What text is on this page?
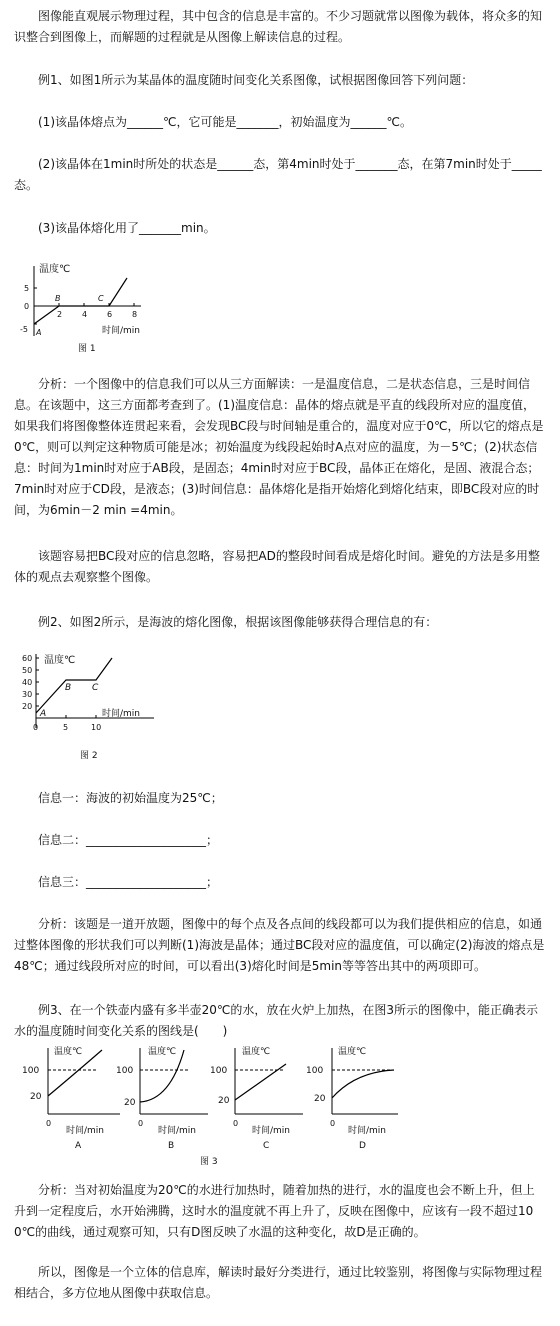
图像能直观展示物理过程，其中包含的信息是丰富的。不少习题就常以图像为载体，将众多的知识整合到图像上，而解题的过程就是从图像上解读信息的过程。

例1、如图1所示为某晶体的温度随时间变化关系图像，试根据图像回答下列问题：

(1)该晶体熔点为______℃，它可能是_______，初始温度为______℃。

(2)该晶体在1min时所处的状态是______态，第4min时处于_______态，在第7min时处于_____态。

(3)该晶体熔化用了_______min。

温度℃
5
0
-5
2 4 6 8
A
B	C
时间/min
图 1

分析：一个图像中的信息我们可以从三方面解读：一是温度信息，二是状态信息，三是时间信息。在该题中，这三方面都考查到了。(1)温度信息：晶体的熔点就是平直的线段所对应的温度值，如果我们将图像整体连贯起来看，会发现BC段与时间轴是重合的，温度对应于0℃，所以它的熔点是0℃，则可以判定这种物质可能是冰；初始温度为线段起始时A点对应的温度，为－5℃；(2)状态信息：时间为1min时对应于AB段，是固态；4min时对应于BC段，晶体正在熔化，是固、液混合态；7min时对应于CD段，是液态；(3)时间信息：晶体熔化是指开始熔化到熔化结束，即BC段对应的时间，为6min－2 min =4min。

该题容易把BC段对应的信息忽略，容易把AD的整段时间看成是熔化时间。避免的方法是多用整体的观点去观察整个图像。

例2、如图2所示，是海波的熔化图像，根据该图像能够获得合理信息的有：

温度℃
60
50
40
30
20
0	5	10
A
B C
时间/min
图 2

信息一：海波的初始温度为25℃；

信息二：____________________；

信息三：____________________；

分析：该题是一道开放题，图像中的每个点及各点间的线段都可以为我们提供相应的信息，如通过整体图像的形状我们可以判断(1)海波是晶体；通过BC段对应的温度值，可以确定(2)海波的熔点是48℃；通过线段所对应的时间，可以看出(3)熔化时间是5min等等答出其中的两项即可。

例3、在一个铁壶内盛有多半壶20℃的水，放在火炉上加热，在图3所示的图像中，能正确表示水的温度随时间变化关系的图线是(　　)

温度℃
100
20
0
时间/min
A
温度℃
100
20
0
时间/min
B
温度℃
100
20
0
时间/min
C
温度℃
100
20
0
时间/min
D
图 3

分析：当对初始温度为20℃的水进行加热时，随着加热的进行，水的温度也会不断上升，但上升到一定程度后，水开始沸腾，这时水的温度就不再上升了，反映在图像中，应该有一段不超过100℃的曲线，通过观察可知，只有D图反映了水温的这种变化，故D是正确的。

所以，图像是一个立体的信息库，解读时最好分类进行，通过比较鉴别，将图像与实际物理过程相结合，多方位地从图像中获取信息。
